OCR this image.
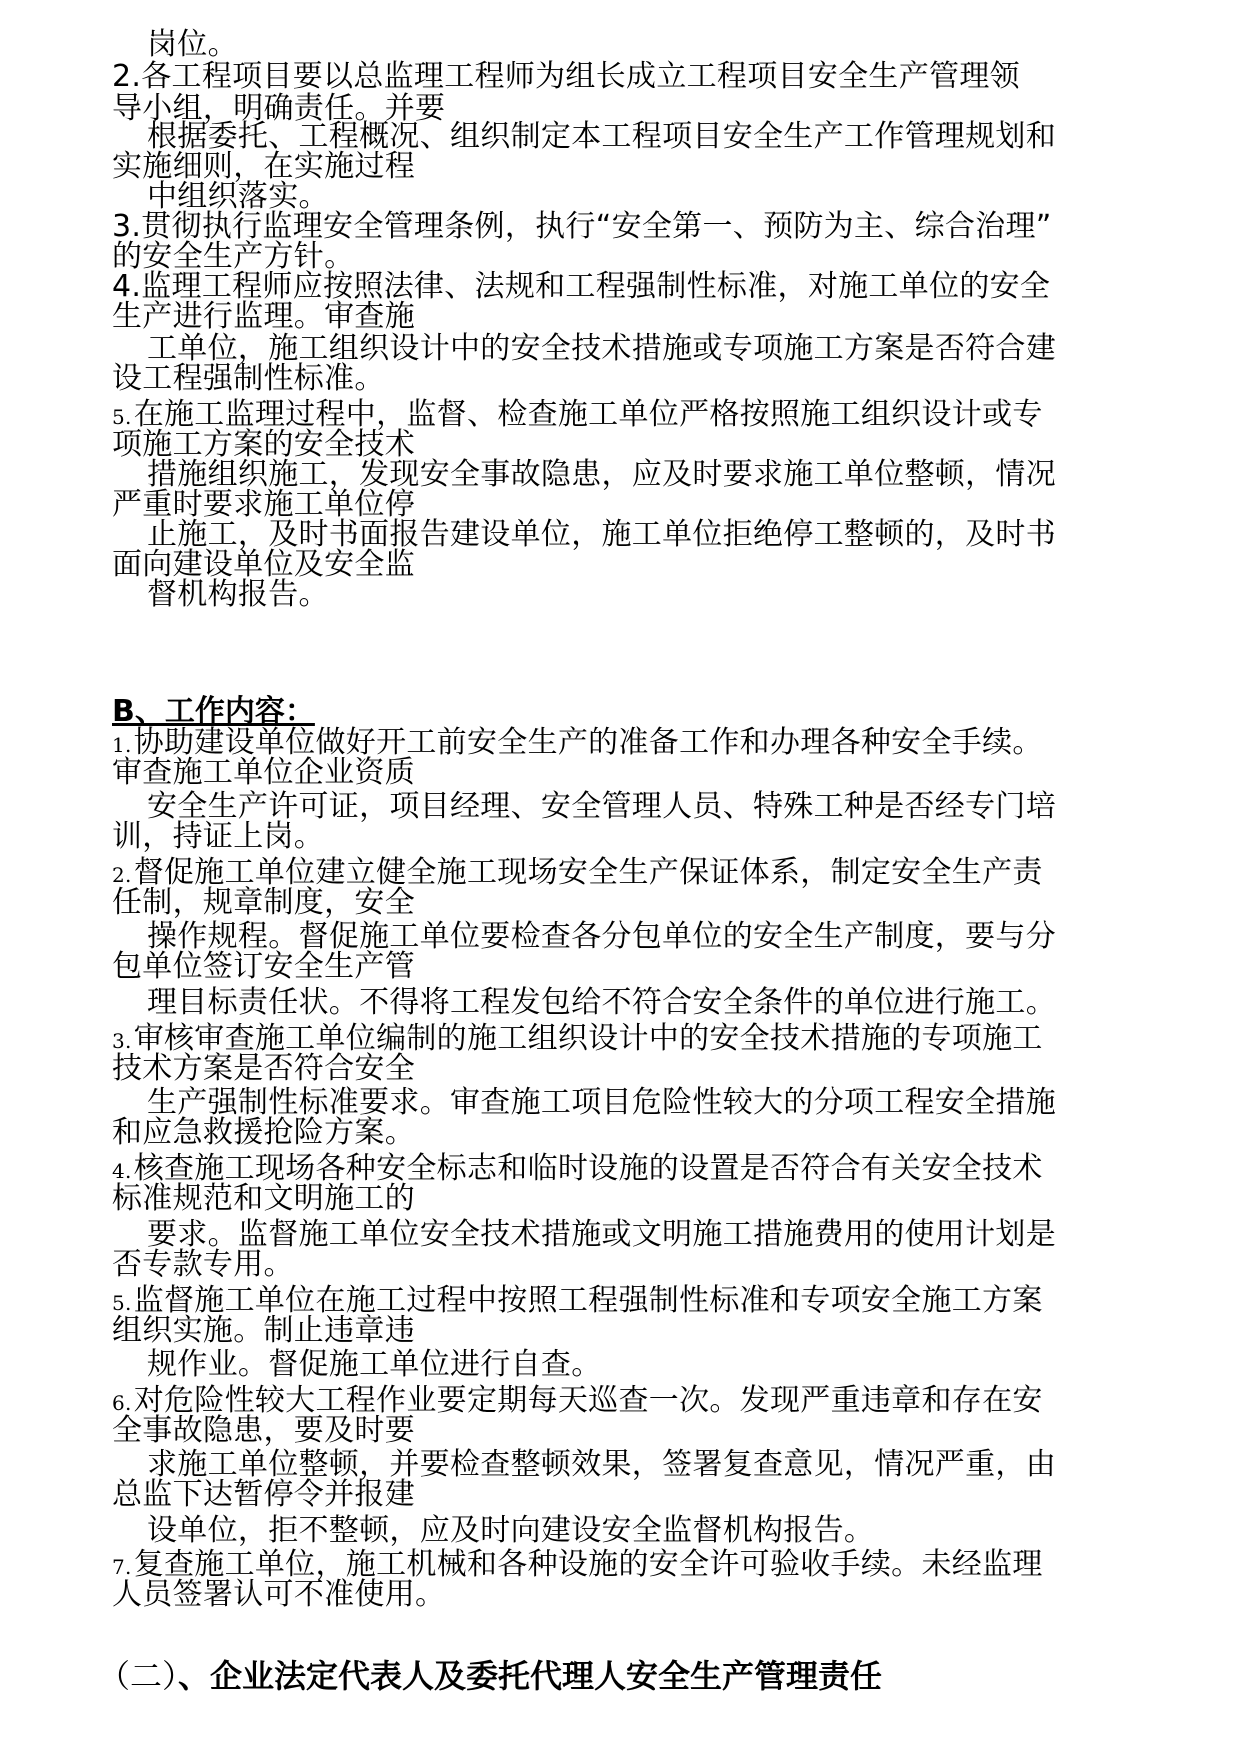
岗位。
2.各工程项目要以总监理工程师为组长成立工程项目安全生产管理领
导小组，明确责任。并要
根据委托、工程概况、组织制定本工程项目安全生产工作管理规划和
实施细则，在实施过程
中组织落实。
3.贯彻执行监理安全管理条例，执行“安全第一、预防为主、综合治理”
的安全生产方针。
4.监理工程师应按照法律、法规和工程强制性标准，对施工单位的安全
生产进行监理。审查施
工单位，施工组织设计中的安全技术措施或专项施工方案是否符合建
设工程强制性标准。
5.在施工监理过程中，监督、检查施工单位严格按照施工组织设计或专
项施工方案的安全技术
措施组织施工，发现安全事故隐患，应及时要求施工单位整顿，情况
严重时要求施工单位停
止施工，及时书面报告建设单位，施工单位拒绝停工整顿的，及时书
面向建设单位及安全监
督机构报告。
B、工作内容：
1.协助建设单位做好开工前安全生产的准备工作和办理各种安全手续。
审查施工单位企业资质
安全生产许可证，项目经理、安全管理人员、特殊工种是否经专门培
训，持证上岗。
2.督促施工单位建立健全施工现场安全生产保证体系，制定安全生产责
任制，规章制度，安全
操作规程。督促施工单位要检查各分包单位的安全生产制度，要与分
包单位签订安全生产管
理目标责任状。不得将工程发包给不符合安全条件的单位进行施工。
3.审核审查施工单位编制的施工组织设计中的安全技术措施的专项施工
技术方案是否符合安全
生产强制性标准要求。审查施工项目危险性较大的分项工程安全措施
和应急救援抢险方案。
4.核查施工现场各种安全标志和临时设施的设置是否符合有关安全技术
标准规范和文明施工的
要求。监督施工单位安全技术措施或文明施工措施费用的使用计划是
否专款专用。
5.监督施工单位在施工过程中按照工程强制性标准和专项安全施工方案
组织实施。制止违章违
规作业。督促施工单位进行自查。
6.对危险性较大工程作业要定期每天巡查一次。发现严重违章和存在安
全事故隐患，要及时要
求施工单位整顿，并要检查整顿效果，签署复查意见，情况严重，由
总监下达暂停令并报建
设单位，拒不整顿，应及时向建设安全监督机构报告。
7.复查施工单位，施工机械和各种设施的安全许可验收手续。未经监理
人员签署认可不准使用。
（二）、企业法定代表人及委托代理人安全生产管理责任
